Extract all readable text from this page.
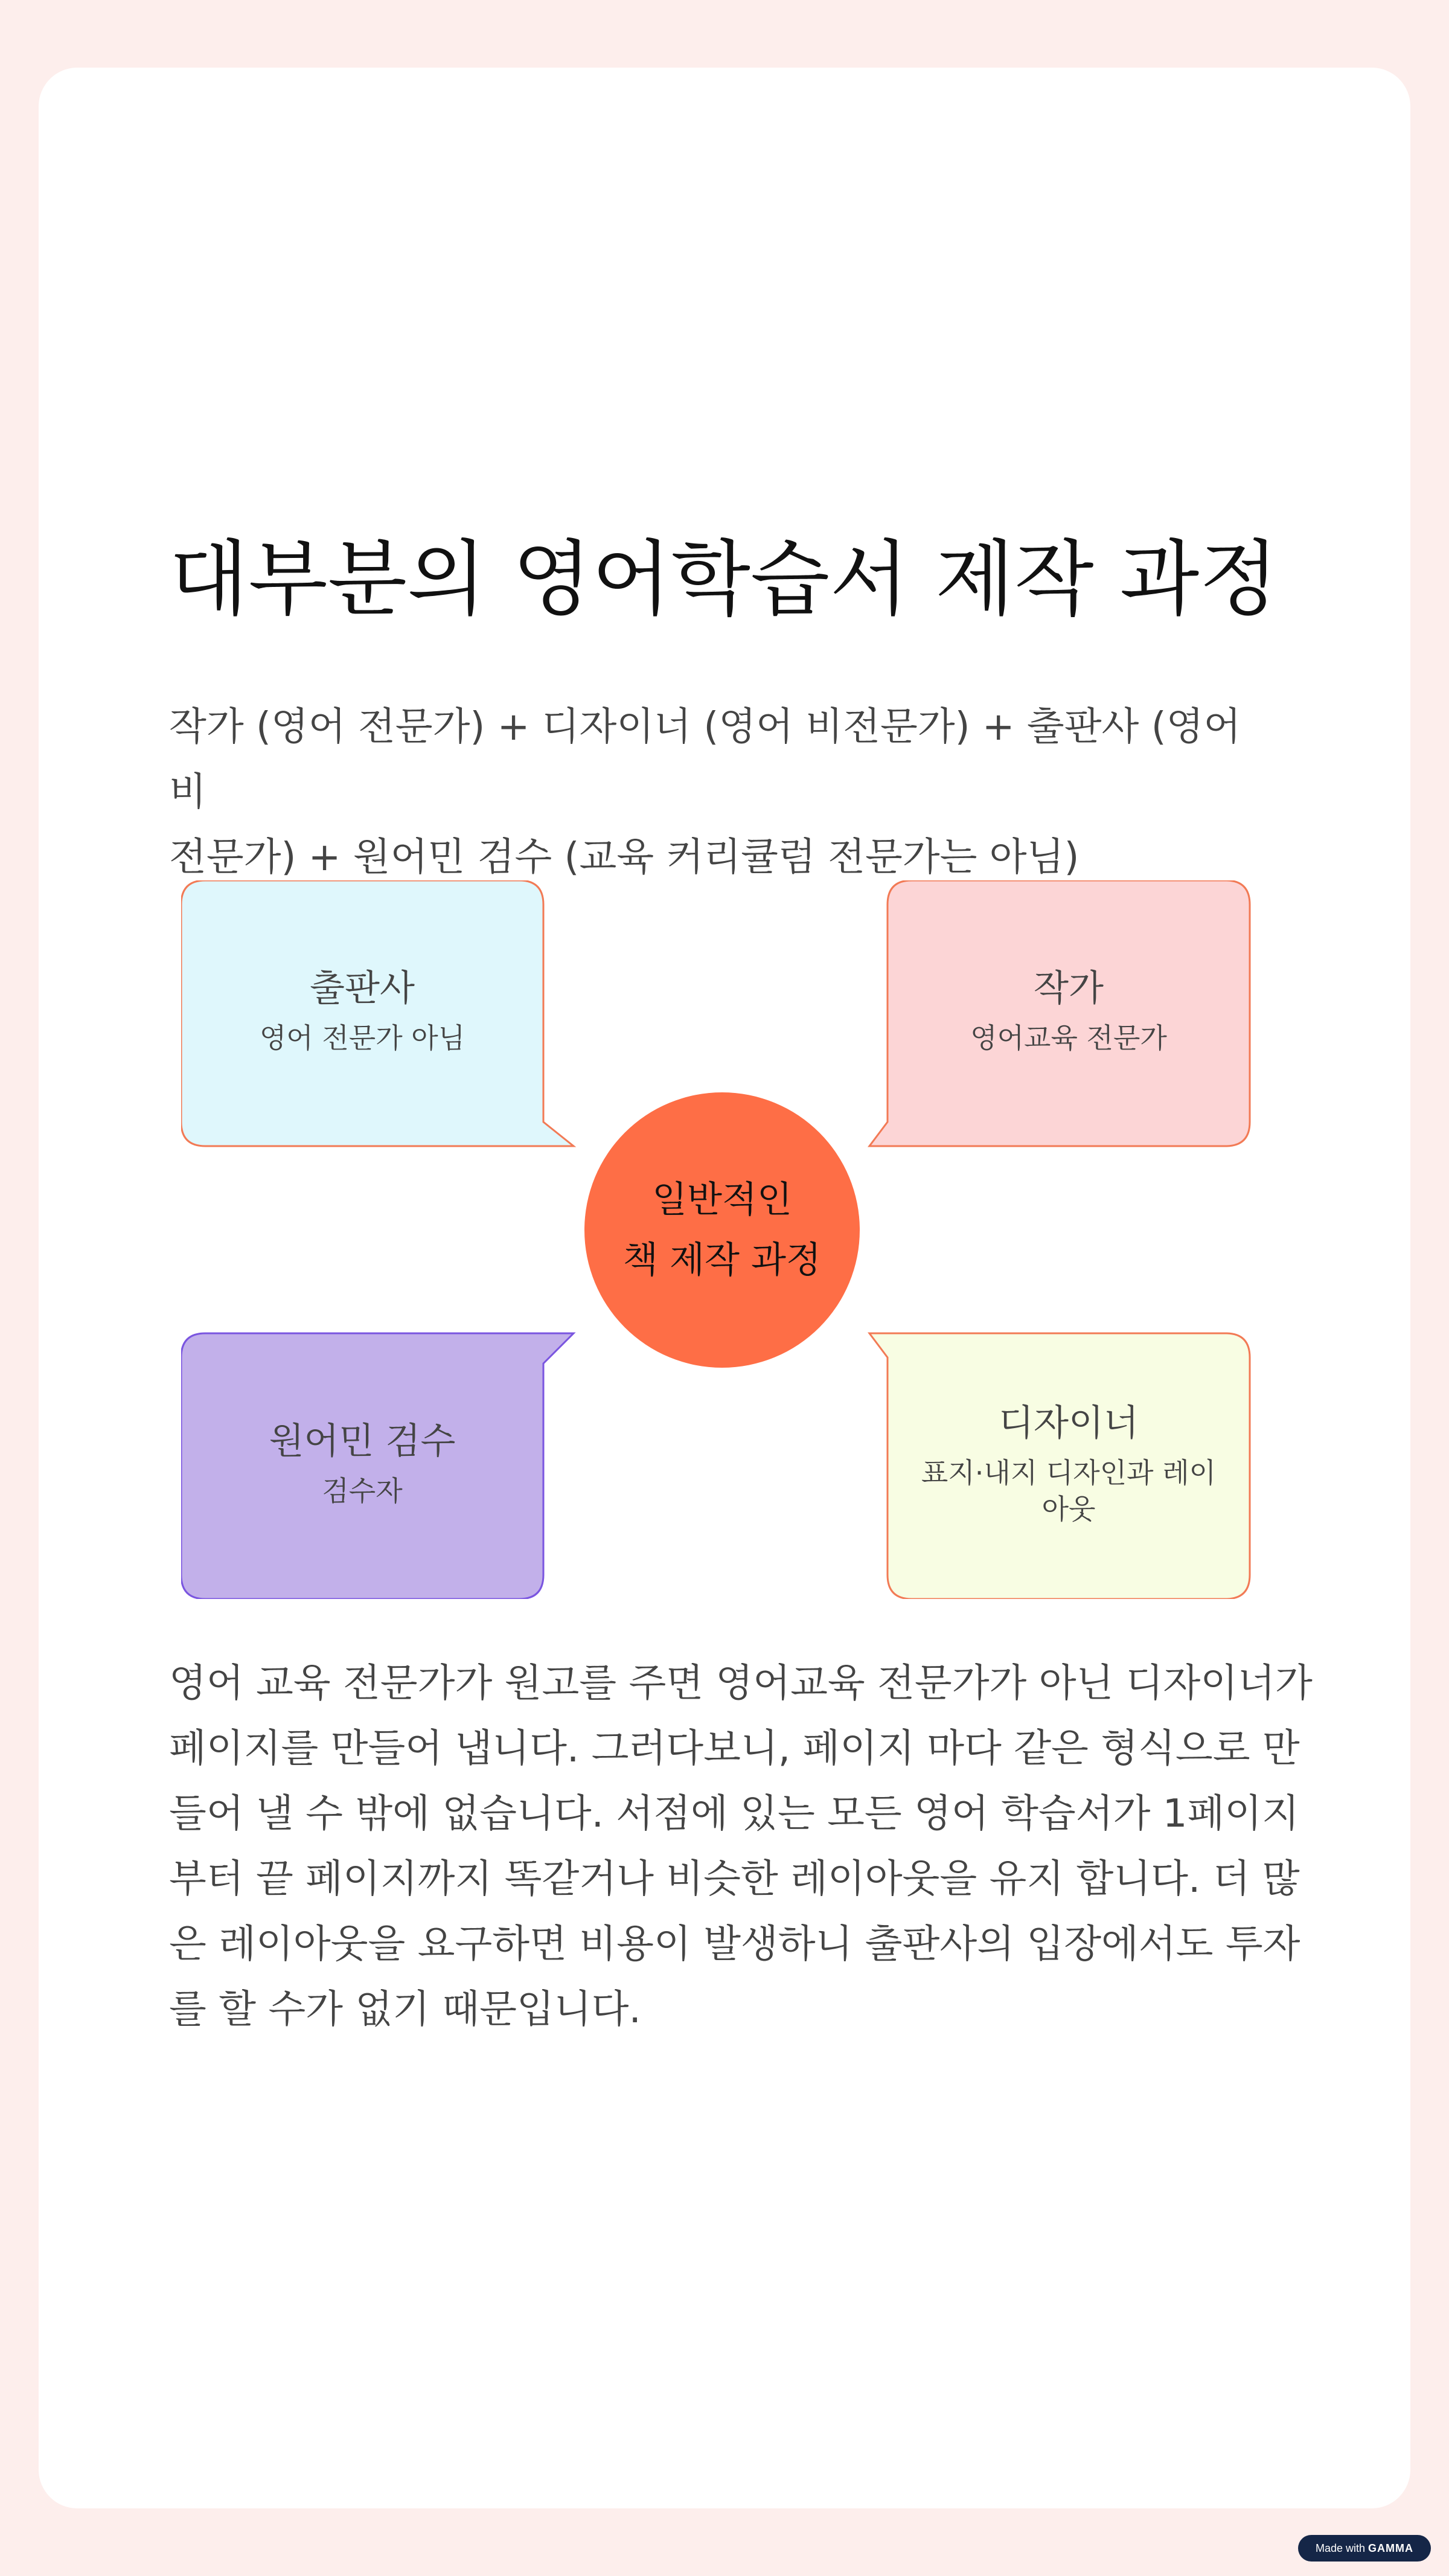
대부분의 영어학습서 제작 과정

작가 (영어 전문가) + 디자이너 (영어 비전문가) + 출판사 (영어 비
전문가) + 원어민 검수 (교육 커리큘럼 전문가는 아님)

출판사
영어 전문가 아님
작가
영어교육 전문가
원어민 검수
검수자
디자이너
표지·내지 디자인과 레이아웃
일반적인
책 제작 과정

영어 교육 전문가가 원고를 주면 영어교육 전문가가 아닌 디자이너가
페이지를 만들어 냅니다. 그러다보니, 페이지 마다 같은 형식으로 만
들어 낼 수 밖에 없습니다. 서점에 있는 모든 영어 학습서가 1페이지
부터 끝 페이지까지 똑같거나 비슷한 레이아웃을 유지 합니다. 더 많
은 레이아웃을 요구하면 비용이 발생하니 출판사의 입장에서도 투자
를 할 수가 없기 때문입니다.

Made with GAMMA
